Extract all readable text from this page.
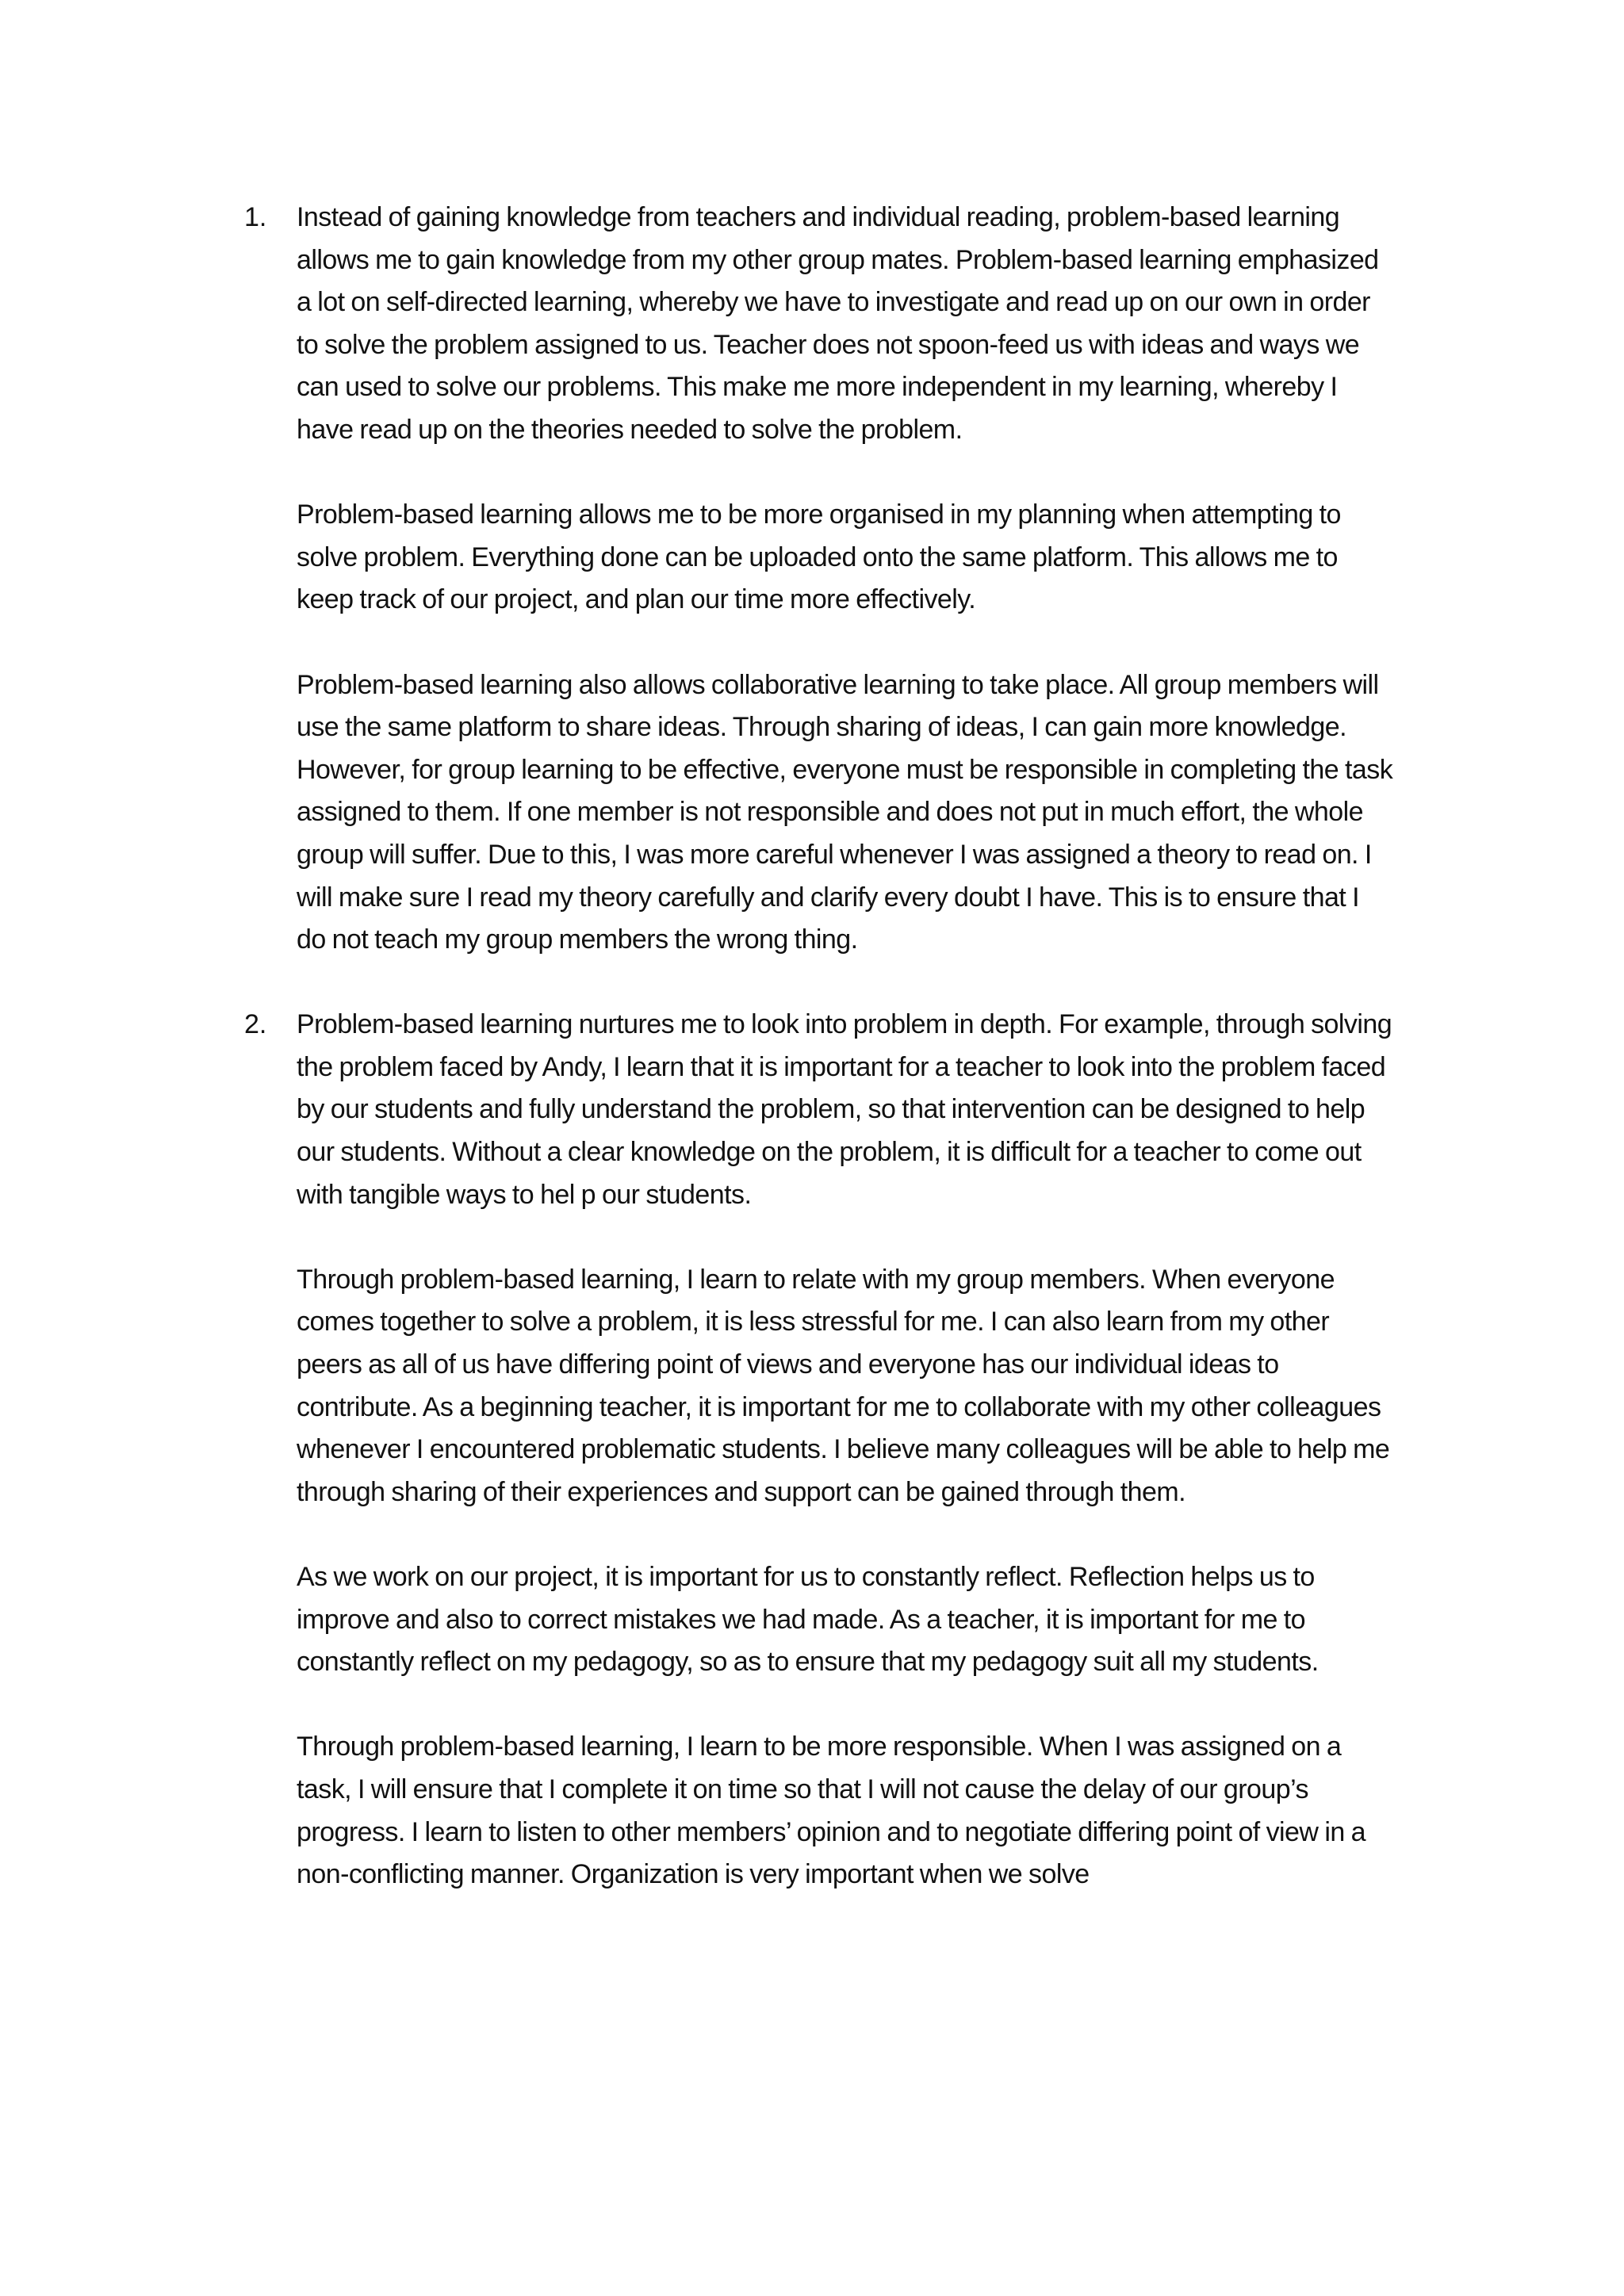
1. Instead of gaining knowledge from teachers and individual reading, problem-based learning allows me to gain knowledge from my other group mates. Problem-based learning emphasized a lot on self-directed learning, whereby we have to investigate and read up on our own in order to solve the problem assigned to us. Teacher does not spoon-feed us with ideas and ways we can used to solve our problems. This make me more independent in my learning, whereby I have read up on the theories needed to solve the problem.

Problem-based learning allows me to be more organised in my planning when attempting to solve problem. Everything done can be uploaded onto the same platform. This allows me to keep track of our project, and plan our time more effectively.

Problem-based learning also allows collaborative learning to take place. All group members will use the same platform to share ideas. Through sharing of ideas, I can gain more knowledge. However, for group learning to be effective, everyone must be responsible in completing the task assigned to them. If one member is not responsible and does not put in much effort, the whole group will suffer. Due to this, I was more careful whenever I was assigned a theory to read on. I will make sure I read my theory carefully and clarify every doubt I have. This is to ensure that I do not teach my group members the wrong thing.

2. Problem-based learning nurtures me to look into problem in depth. For example, through solving the problem faced by Andy, I learn that it is important for a teacher to look into the problem faced by our students and fully understand the problem, so that intervention can be designed to help our students. Without a clear knowledge on the problem, it is difficult for a teacher to come out with tangible ways to hel p our students.

Through problem-based learning, I learn to relate with my group members. When everyone comes together to solve a problem, it is less stressful for me. I can also learn from my other peers as all of us have differing point of views and everyone has our individual ideas to contribute. As a beginning teacher, it is important for me to collaborate with my other colleagues whenever I encountered problematic students. I believe many colleagues will be able to help me through sharing of their experiences and support can be gained through them.

As we work on our project, it is important for us to constantly reflect. Reflection helps us to improve and also to correct mistakes we had made. As a teacher, it is important for me to constantly reflect on my pedagogy, so as to ensure that my pedagogy suit all my students.

Through problem-based learning, I learn to be more responsible. When I was assigned on a task, I will ensure that I complete it on time so that I will not cause the delay of our group’s progress. I learn to listen to other members’ opinion and to negotiate differing point of view in a non-conflicting manner. Organization is very important when we solve
